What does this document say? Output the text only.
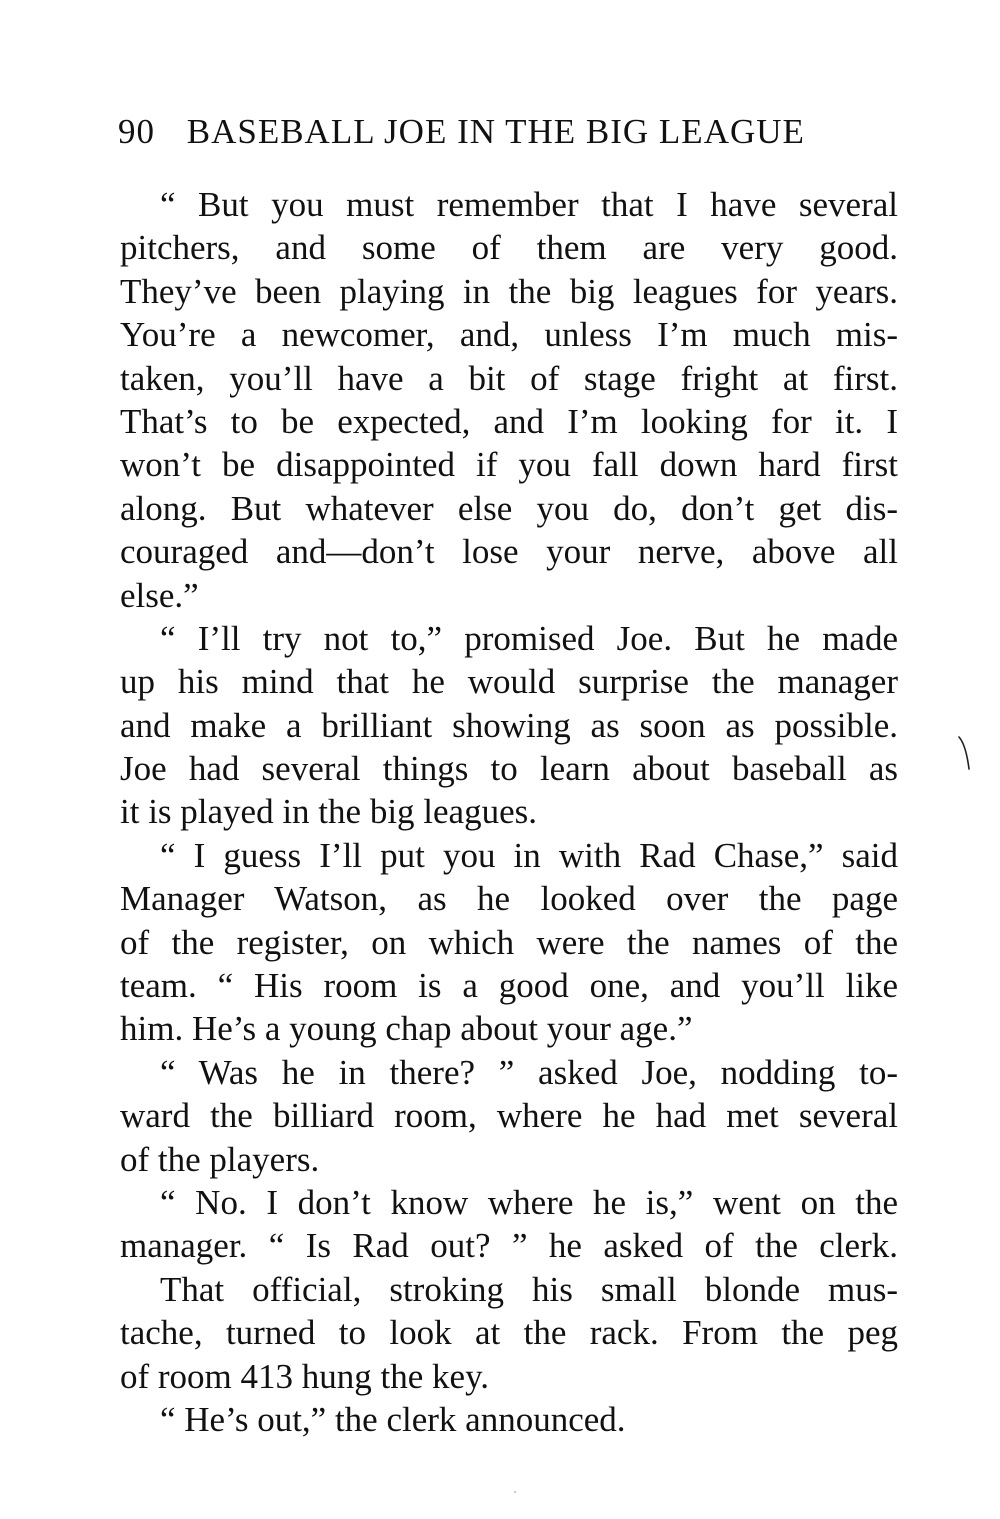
90 BASEBALL JOE IN THE BIG LEAGUE
“ But you must remember that I have several
pitchers, and some of them are very good.
They’ve been playing in the big leagues for years.
You’re a newcomer, and, unless I’m much mis-
taken, you’ll have a bit of stage fright at first.
That’s to be expected, and I’m looking for it. I
won’t be disappointed if you fall down hard first
along. But whatever else you do, don’t get dis-
couraged and—don’t lose your nerve, above all
else.”
“ I’ll try not to,” promised Joe. But he made
up his mind that he would surprise the manager
and make a brilliant showing as soon as possible.
Joe had several things to learn about baseball as
it is played in the big leagues.
“ I guess I’ll put you in with Rad Chase,” said
Manager Watson, as he looked over the page
of the register, on which were the names of the
team. “ His room is a good one, and you’ll like
him. He’s a young chap about your age.”
“ Was he in there? ” asked Joe, nodding to-
ward the billiard room, where he had met several
of the players.
“ No. I don’t know where he is,” went on the
manager. “ Is Rad out? ” he asked of the clerk.
That official, stroking his small blonde mus-
tache, turned to look at the rack. From the peg
of room 413 hung the key.
“ He’s out,” the clerk announced.
